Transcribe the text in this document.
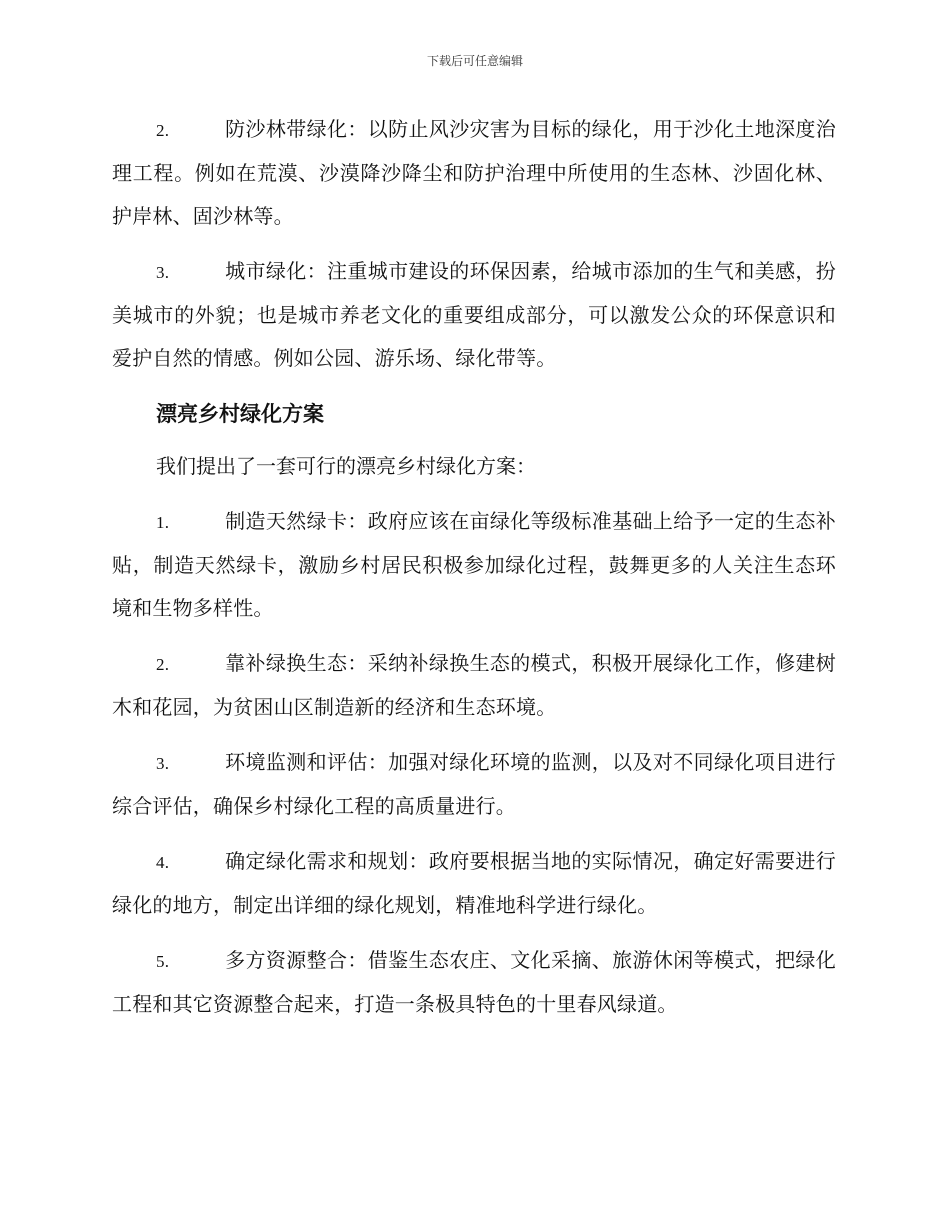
下载后可任意编辑
2.	防沙林带绿化：以防止风沙灾害为目标的绿化，用于沙化土地深度治理工程。例如在荒漠、沙漠降沙降尘和防护治理中所使用的生态林、沙固化林、护岸林、固沙林等。
3.	城市绿化：注重城市建设的环保因素，给城市添加的生气和美感，扮美城市的外貌；也是城市养老文化的重要组成部分，可以激发公众的环保意识和爱护自然的情感。例如公园、游乐场、绿化带等。
漂亮乡村绿化方案
我们提出了一套可行的漂亮乡村绿化方案：
1.	制造天然绿卡：政府应该在亩绿化等级标准基础上给予一定的生态补贴，制造天然绿卡，激励乡村居民积极参加绿化过程，鼓舞更多的人关注生态环境和生物多样性。
2.	靠补绿换生态：采纳补绿换生态的模式，积极开展绿化工作，修建树木和花园，为贫困山区制造新的经济和生态环境。
3.	环境监测和评估：加强对绿化环境的监测，以及对不同绿化项目进行综合评估，确保乡村绿化工程的高质量进行。
4.	确定绿化需求和规划：政府要根据当地的实际情况，确定好需要进行绿化的地方，制定出详细的绿化规划，精准地科学进行绿化。
5.	多方资源整合：借鉴生态农庄、文化采摘、旅游休闲等模式，把绿化工程和其它资源整合起来，打造一条极具特色的十里春风绿道。
